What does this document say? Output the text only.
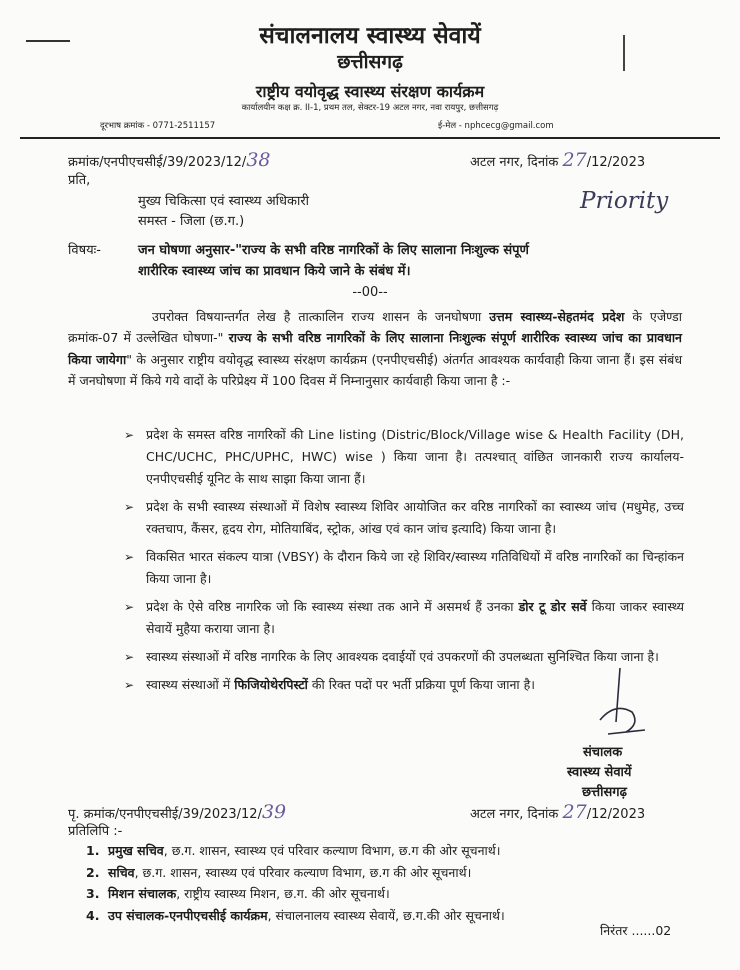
संचालनालय स्वास्थ्य सेवायें
छत्तीसगढ़
राष्ट्रीय वयोवृद्ध स्वास्थ्य संरक्षण कार्यक्रम
कार्यालयीन कक्ष क्र. II-1, प्रथम तल, सेक्टर-19 अटल नगर, नवा रायपुर, छत्तीसगढ़
दूरभाष क्रमांक - 0771-2511157	ई-मेल - nphcecg@gmail.com
क्रमांक/एनपीएचसीई/39/2023/12/38	अटल नगर, दिनांक 27/12/2023
प्रति,
मुख्य चिकित्सा एवं स्वास्थ्य अधिकारी
समस्त - जिला (छ.ग.)
Priority
विषयः-	जन घोषणा अनुसार-"राज्य के सभी वरिष्ठ नागरिकों के लिए सालाना निःशुल्क संपूर्ण
शारीरिक स्वास्थ्य जांच का प्रावधान किये जाने के संबंध में।
--00--
उपरोक्त विषयान्तर्गत लेख है तात्कालिन राज्य शासन के जनघोषणा उत्तम स्वास्थ्य-सेहतमंद प्रदेश के एजेण्डा क्रमांक-07 में उल्लेखित घोषणा-" राज्य के सभी वरिष्ठ नागरिकों के लिए सालाना निःशुल्क संपूर्ण शारीरिक स्वास्थ्य जांच का प्रावधान किया जायेगा" के अनुसार राष्ट्रीय वयोवृद्ध स्वास्थ्य संरक्षण कार्यक्रम (एनपीएचसीई) अंतर्गत आवश्यक कार्यवाही किया जाना हैं। इस संबंध में जनघोषणा में किये गये वादों के परिप्रेक्ष्य में 100 दिवस में निम्नानुसार कार्यवाही किया जाना है :-
➢ प्रदेश के समस्त वरिष्ठ नागरिकों की Line listing (Distric/Block/Village wise & Health Facility (DH, CHC/UCHC, PHC/UPHC, HWC) wise ) किया जाना है। तत्पश्चात् वांछित जानकारी राज्य कार्यालय-एनपीएचसीई यूनिट के साथ साझा किया जाना हैं।
➢ प्रदेश के सभी स्वास्थ्य संस्थाओं में विशेष स्वास्थ्य शिविर आयोजित कर वरिष्ठ नागरिकों का स्वास्थ्य जांच (मधुमेह, उच्च रक्तचाप, कैंसर, हृदय रोग, मोतियाबिंद, स्ट्रोक, आंख एवं कान जांच इत्यादि) किया जाना है।
➢ विकसित भारत संकल्प यात्रा (VBSY) के दौरान किये जा रहे शिविर/स्वास्थ्य गतिविधियों में वरिष्ठ नागरिकों का चिन्हांकन किया जाना है।
➢ प्रदेश के ऐसे वरिष्ठ नागरिक जो कि स्वास्थ्य संस्था तक आने में असमर्थ हैं उनका डोर टू डोर सर्वे किया जाकर स्वास्थ्य सेवायें मुहैया कराया जाना है।
➢ स्वास्थ्य संस्थाओं में वरिष्ठ नागरिक के लिए आवश्यक दवाईयों एवं उपकरणों की उपलब्धता सुनिश्चित किया जाना है।
➢ स्वास्थ्य संस्थाओं में फिजियोथेरपिस्टों की रिक्त पदों पर भर्ती प्रक्रिया पूर्ण किया जाना है।
संचालक
स्वास्थ्य सेवायें
छत्तीसगढ़
पृ. क्रमांक/एनपीएचसीई/39/2023/12/39	अटल नगर, दिनांक 27/12/2023
प्रतिलिपि :-
1. प्रमुख सचिव, छ.ग. शासन, स्वास्थ्य एवं परिवार कल्याण विभाग, छ.ग की ओर सूचनार्थ।
2. सचिव, छ.ग. शासन, स्वास्थ्य एवं परिवार कल्याण विभाग, छ.ग की ओर सूचनार्थ।
3. मिशन संचालक, राष्ट्रीय स्वास्थ्य मिशन, छ.ग. की ओर सूचनार्थ।
4. उप संचालक-एनपीएचसीई कार्यक्रम, संचालनालय स्वास्थ्य सेवायें, छ.ग.की ओर सूचनार्थ।
निरंतर ......02
